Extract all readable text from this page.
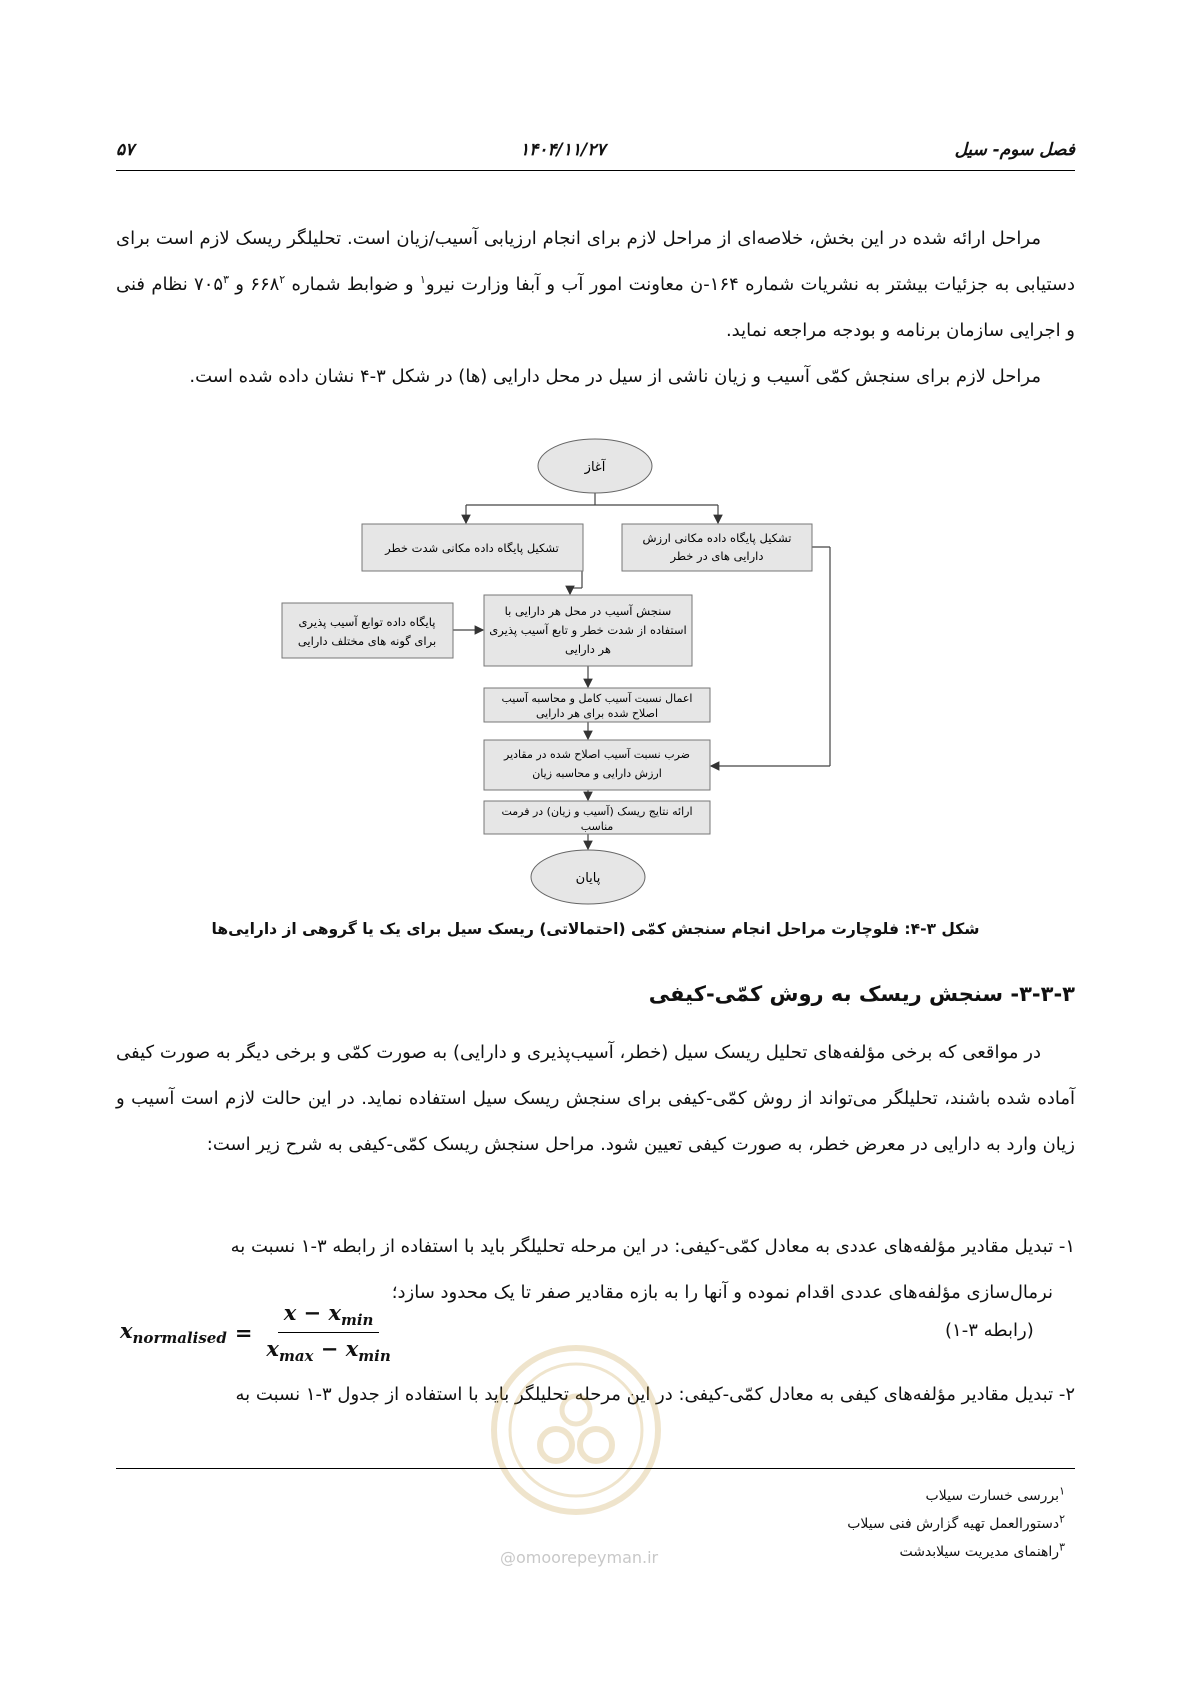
۵۷	۱۴۰۴/۱۱/۲۷	فصل سوم- سیل

مراحل ارائه شده در این بخش، خلاصه‌ای از مراحل لازم برای انجام ارزیابی آسیب/زیان است. تحلیلگر ریسک لازم است برای دستیابی به جزئیات بیشتر به نشریات شماره ۱۶۴-ن معاونت امور آب و آبفا وزارت نیرو$^۱$ و ضوابط شماره $۶۶۸^۲$ و $۷۰۵^۳$ نظام فنی و اجرایی سازمان برنامه و بودجه مراجعه نماید.

مراحل لازم برای سنجش کمّی آسیب و زیان ناشی از سیل در محل دارایی (ها) در شکل ۳-۴ نشان داده شده است.

آغاز
تشکیل پایگاه داده مکانی ارزش
دارایی های در خطر
تشکیل پایگاه داده مکانی شدت خطر
پایگاه داده توابع آسیب پذیری
برای گونه های مختلف دارایی
سنجش آسیب در محل هر دارایی با
استفاده از شدت خطر و تابع آسیب پذیری
هر دارایی
اعمال نسبت آسیب کامل و محاسبه آسیب
اصلاح شده برای هر دارایی
ضرب نسبت آسیب اصلاح شده در مقادیر
ارزش دارایی و محاسبه زیان
ارائه نتایج ریسک (آسیب و زیان) در فرمت
مناسب
پایان
شکل ۳-۴: فلوچارت مراحل انجام سنجش کمّی (احتمالاتی) ریسک سیل برای یک یا گروهی از دارایی‌ها
۳-۳-۳- سنجش ریسک به روش کمّی-کیفی

در مواقعی که برخی مؤلفه‌های تحلیل ریسک سیل (خطر، آسیب‌پذیری و دارایی) به صورت کمّی و برخی دیگر به صورت کیفی آماده شده باشند، تحلیلگر می‌تواند از روش کمّی-کیفی برای سنجش ریسک سیل استفاده نماید. در این حالت لازم است آسیب و زیان وارد به دارایی در معرض خطر، به صورت کیفی تعیین شود. مراحل سنجش ریسک کمّی-کیفی به شرح زیر است:

۱- تبدیل مقادیر مؤلفه‌های عددی به معادل کمّی-کیفی: در این مرحله تحلیلگر باید با استفاده از رابطه ۳-۱ نسبت به

نرمال‌سازی مؤلفه‌های عددی اقدام نموده و آنها را به بازه مقادیر صفر تا یک محدود سازد؛

(رابطه ۳-۱)
$x_{normalised} = \frac{x - x_{min}}{x_{max} - x_{min}}$

۲- تبدیل مقادیر مؤلفه‌های کیفی به معادل کمّی-کیفی: در این مرحله تحلیلگر باید با استفاده از جدول ۳-۱ نسبت به

@omoorepeyman.ir
$^۱$بررسی خسارت سیلاب
$^۲$دستورالعمل تهیه گزارش فنی سیلاب
$^۳$راهنمای مدیریت سیلابدشت
